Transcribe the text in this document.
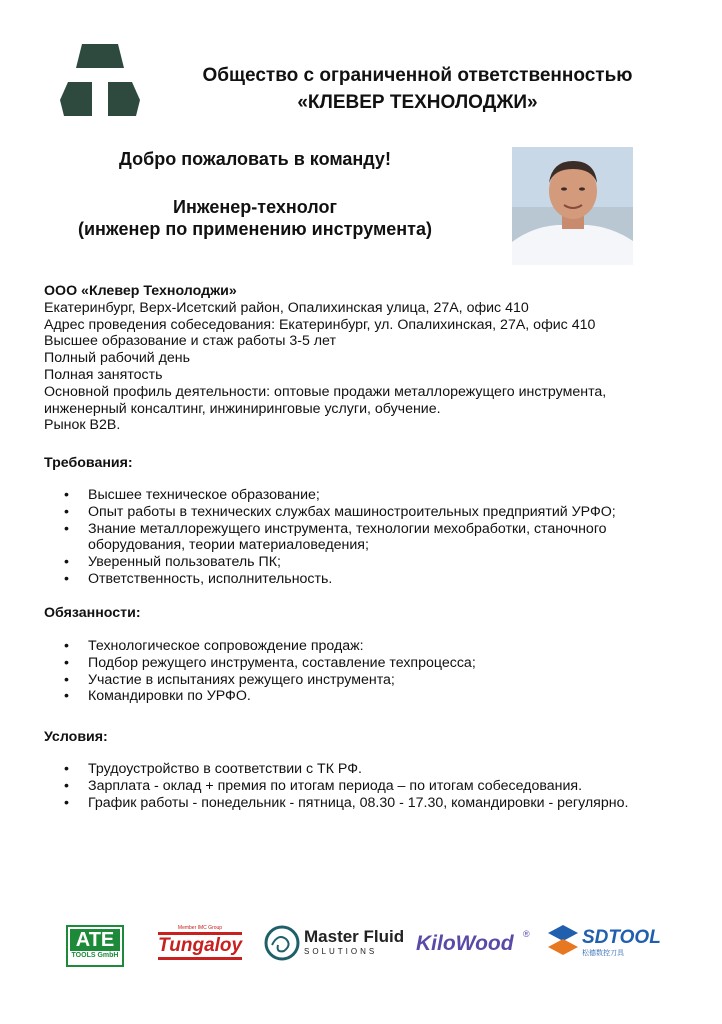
Общество с ограниченной ответственностью
«КЛЕВЕР ТЕХНОЛОДЖИ»
Добро пожаловать в команду!
Инженер-технолог
(инженер по применению инструмента)
ООО «Клевер Технолоджи»
Екатеринбург, Верх-Исетский район, Опалихинская улица, 27А, офис 410
Адрес проведения собеседования: Екатеринбург, ул. Опалихинская, 27А, офис 410
Высшее образование и стаж работы 3-5 лет
Полный рабочий день
Полная занятость
Основной профиль деятельности: оптовые продажи металлорежущего инструмента,
инженерный консалтинг, инжиниринговые услуги, обучение.
Рынок B2B.
Требования:
• Высшее техническое образование;
• Опыт работы в технических службах машиностроительных предприятий УРФО;
• Знание металлорежущего инструмента, технологии мехобработки, станочного
оборудования, теории материаловедения;
• Уверенный пользователь ПК;
• Ответственность, исполнительность.
Обязанности:
• Технологическое сопровождение продаж:
• Подбор режущего инструмента, составление техпроцесса;
• Участие в испытаниях режущего инструмента;
• Командировки по УРФО.
Условия:
• Трудоустройство в соответствии с ТК РФ.
• Зарплата - оклад + премия по итогам периода – по итогам собеседования.
• График работы - понедельник - пятница, 08.30 - 17.30, командировки - регулярно.
ATE
TOOLS GmbH
Member IMC Group
Tungaloy	Master Fluid
SOLUTIONS	KiloWood ®	SDTOOL
松德数控刀具
